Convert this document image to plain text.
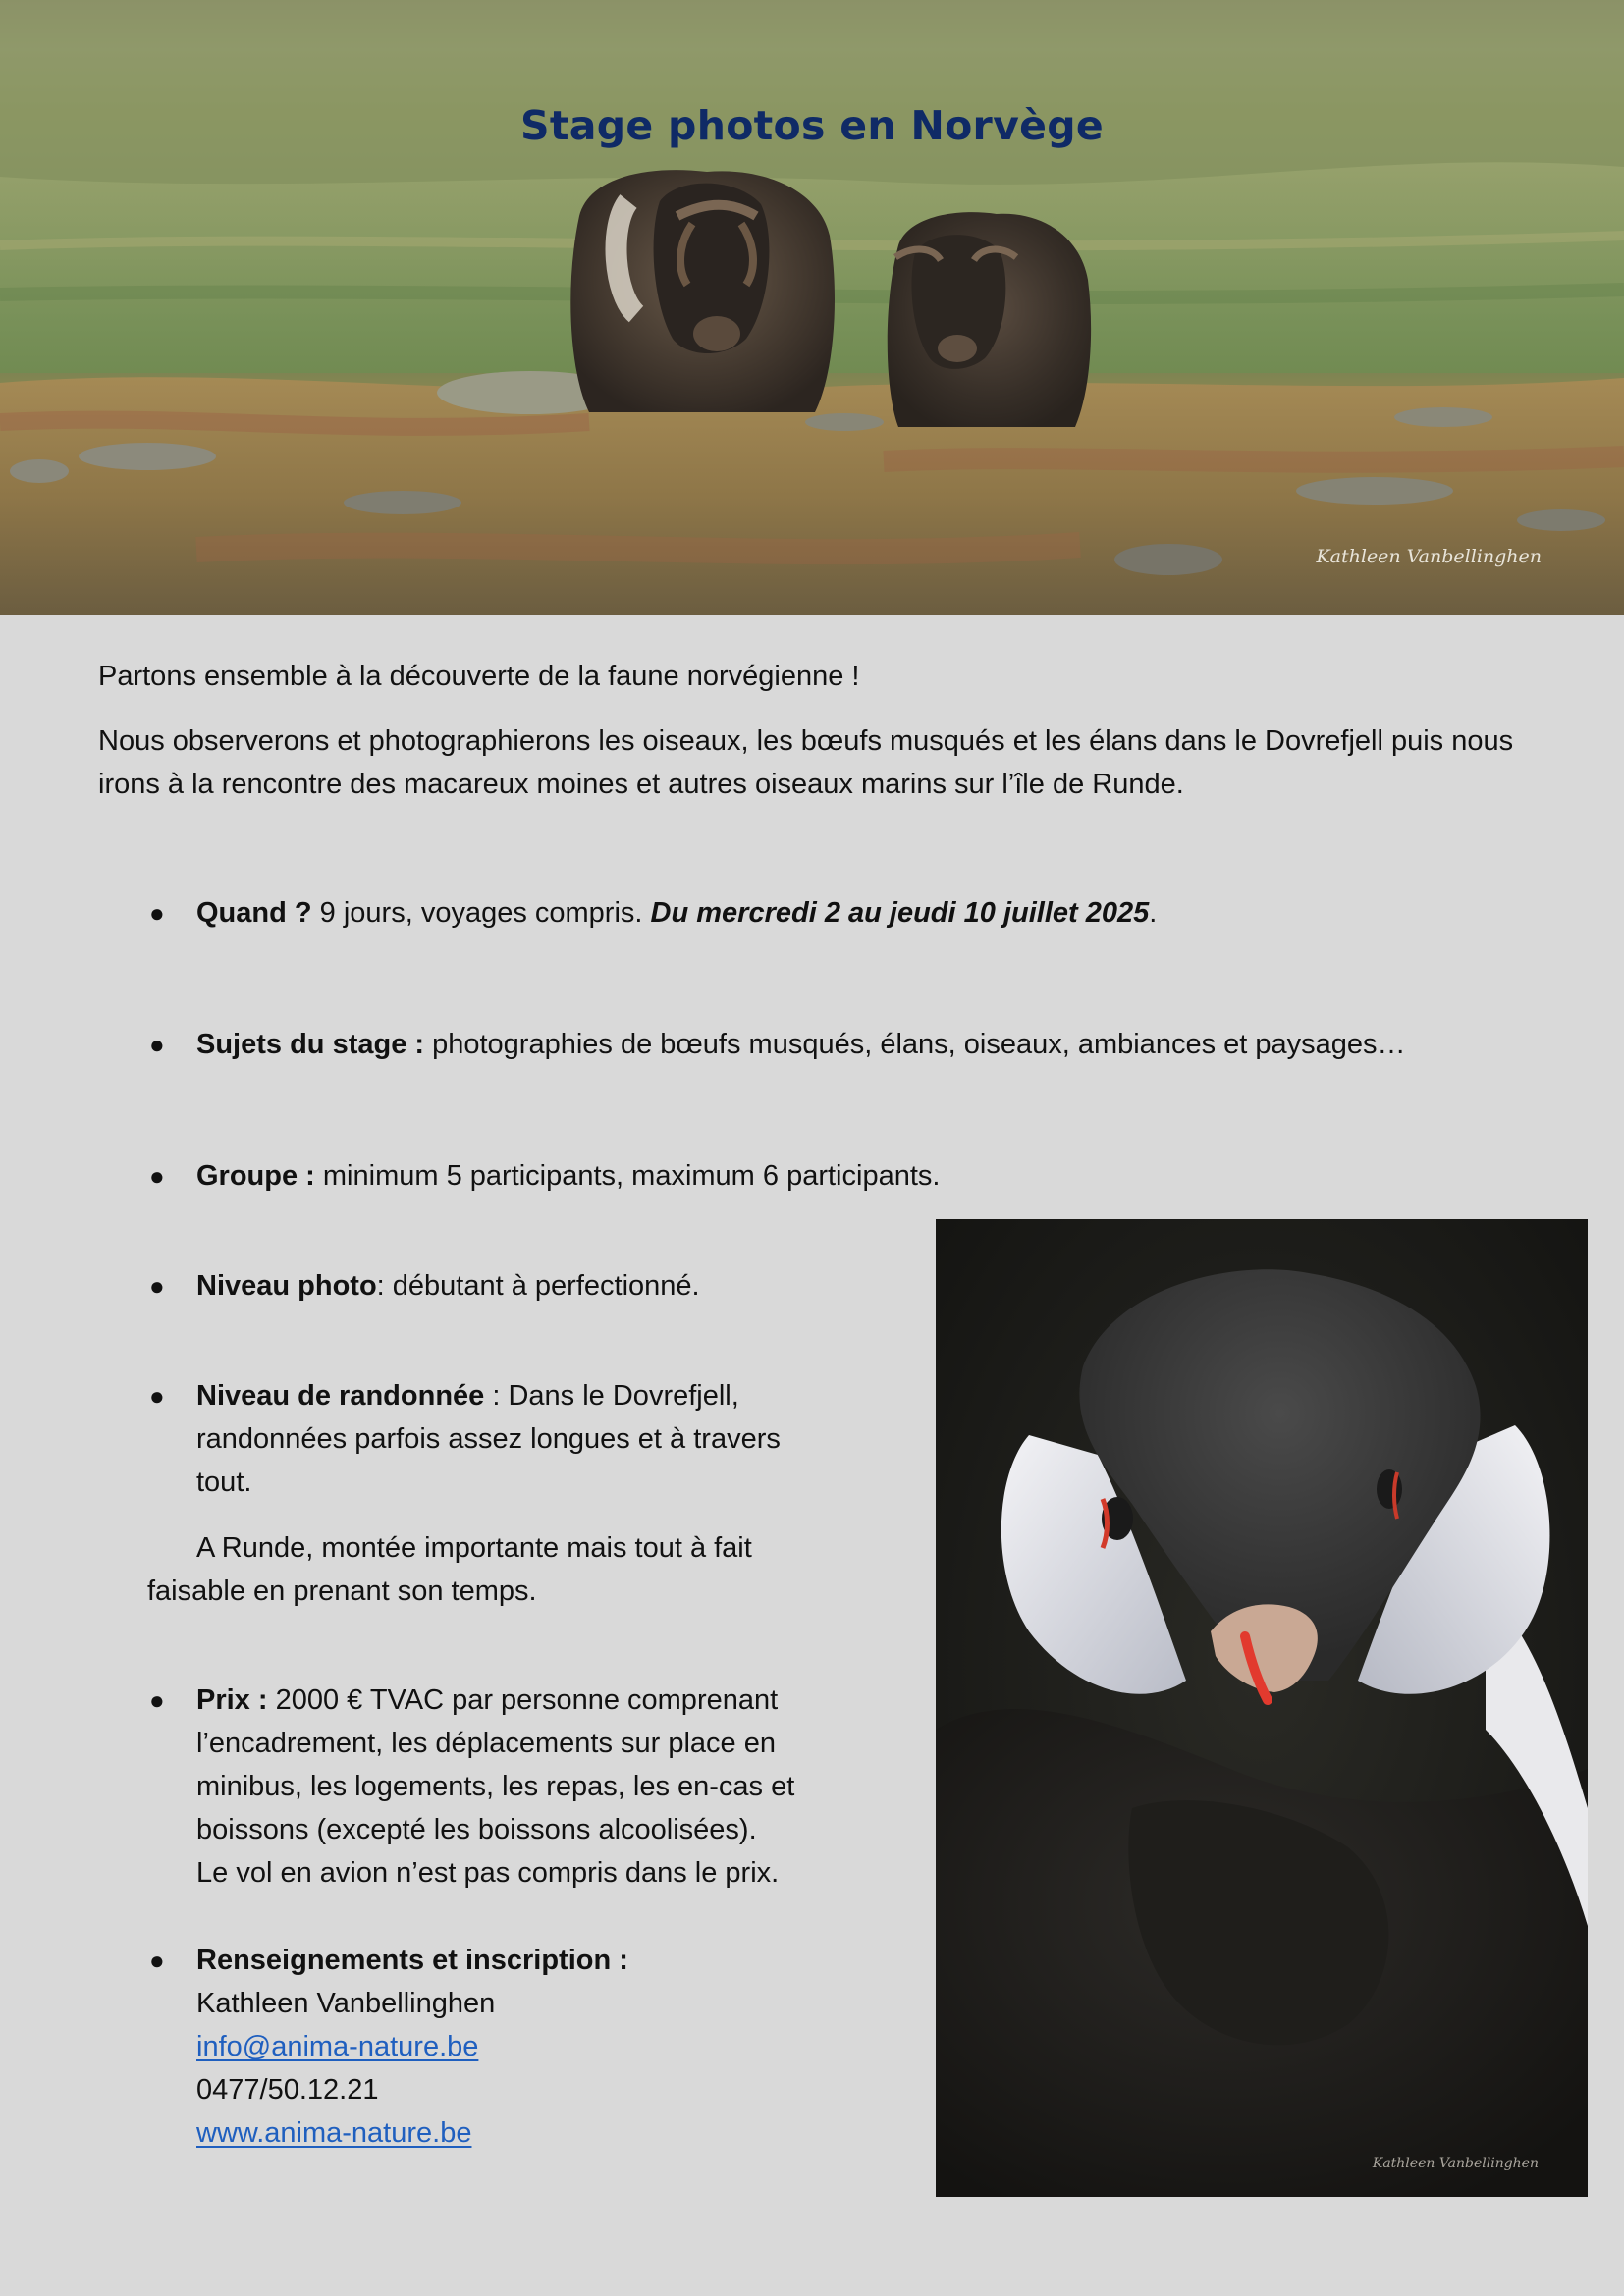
Stage photos en Norvège
Kathleen Vanbellinghen

Partons ensemble à la découverte de la faune norvégienne !

Nous observerons et photographierons les oiseaux, les bœufs musqués et les élans dans le Dovrefjell puis nous irons à la rencontre des macareux moines et autres oiseaux marins sur l’île de Runde.

● Quand ? 9 jours, voyages compris. Du mercredi 2 au jeudi 10 juillet 2025.
● Sujets du stage : photographies de bœufs musqués, élans, oiseaux, ambiances et paysages…
● Groupe : minimum 5 participants, maximum 6 participants.
● Niveau photo: débutant à perfectionné.
● Niveau de randonnée : Dans le Dovrefjell,
randonnées parfois assez longues et à travers
tout.
A Runde, montée importante mais tout à fait
faisable en prenant son temps.
● Prix : 2000 € TVAC par personne comprenant
l’encadrement, les déplacements sur place en
minibus, les logements, les repas, les en-cas et
boissons (excepté les boissons alcoolisées).
Le vol en avion n’est pas compris dans le prix.
● Renseignements et inscription :
Kathleen Vanbellinghen
info@anima-nature.be
0477/50.12.21
www.anima-nature.be
Kathleen Vanbellinghen
